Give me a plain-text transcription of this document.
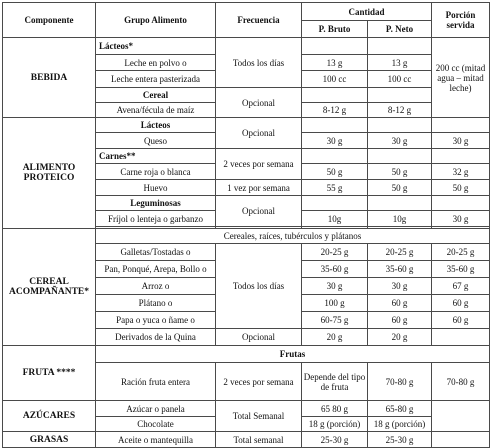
Componente	Grupo Alimento	Frecuencia	Cantidad		Porción servida
			P. Bruto	P. Neto	
BEBIDA	Lácteos*	Todos los días			200 cc (mitad agua – mitad leche)
	Leche en polvo o		13 g	13 g	
	Leche entera pasterizada		100 cc	100 cc	
	Cereal	Opcional			
	Avena/fécula de maíz		8-12 g	8-12 g	
ALIMENTO PROTEICO	Lácteos	Opcional			
	Queso		30 g	30 g	30 g
	Carnes**	2 veces por semana			
	Carne roja o blanca		50 g	50 g	32 g
	Huevo	1 vez por semana	55 g	50 g	50 g
	Leguminosas	Opcional			
	Fríjol o lenteja o garbanzo		10g	10g	30 g

CEREAL ACOMPAÑANTE*	Cereales, raíces, tubérculos y plátanos				
	Galletas/Tostadas o	Todos los días	20-25 g	20-25 g	20-25 g
	Pan, Ponqué, Arepa, Bollo o		35-60 g	35-60 g	35-60 g
	Arroz o		30 g	30 g	67 g
	Plátano o		100 g	60 g	60 g
	Papa o yuca o ñame o		60-75 g	60 g	60 g
	Derivados de la Quina	Opcional	20 g	20 g	
FRUTA ****	Frutas				
	Ración fruta entera	2 veces por semana	Depende del tipo de fruta	70-80 g	70-80 g
AZÚCARES	Azúcar o panela	Total Semanal	65 80 g	65-80 g	
	Chocolate		18 g (porción)	18 g (porción)	
GRASAS	Aceite o mantequilla	Total semanal	25-30 g	25-30 g	
